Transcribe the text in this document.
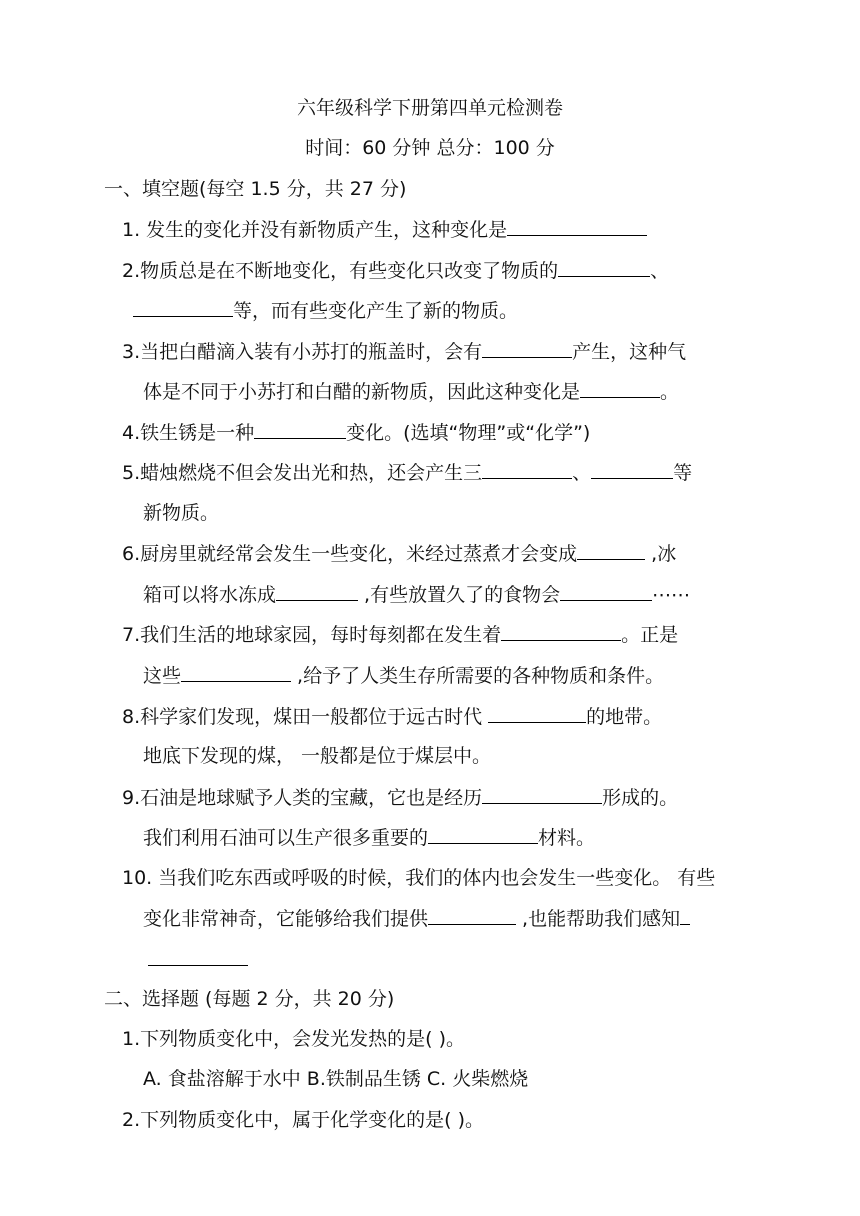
六年级科学下册第四单元检测卷
时间：60 分钟 总分：100 分
一、填空题(每空 1.5 分，共 27 分)
1. 发生的变化并没有新物质产生，这种变化是
2.物质总是在不断地变化，有些变化只改变了物质的	、
等，而有些变化产生了新的物质。
3.当把白醋滴入装有小苏打的瓶盖时，会有	产生，这种气
体是不同于小苏打和白醋的新物质，因此这种变化是	。
4.铁生锈是一种	变化。(选填“物理”或“化学”)
5.蜡烛燃烧不但会发出光和热，还会产生三	、	等
新物质。
6.厨房里就经常会发生一些变化，米经过蒸煮才会变成	,冰
箱可以将水冻成	,有些放置久了的食物会	⋯⋯
7.我们生活的地球家园，每时每刻都在发生着	。正是
这些	,给予了人类生存所需要的各种物质和条件。
8.科学家们发现，煤田一般都位于远古时代	的地带。
地底下发现的煤， 一般都是位于煤层中。
9.石油是地球赋予人类的宝藏，它也是经历	形成的。
我们利用石油可以生产很多重要的	材料。
10. 当我们吃东西或呼吸的时候，我们的体内也会发生一些变化。 有些
变化非常神奇，它能够给我们提供	,也能帮助我们感知
二、选择题 (每题 2 分，共 20 分)
1.下列物质变化中，会发光发热的是( )。
A. 食盐溶解于水中 B.铁制品生锈 C. 火柴燃烧
2.下列物质变化中，属于化学变化的是( )。
